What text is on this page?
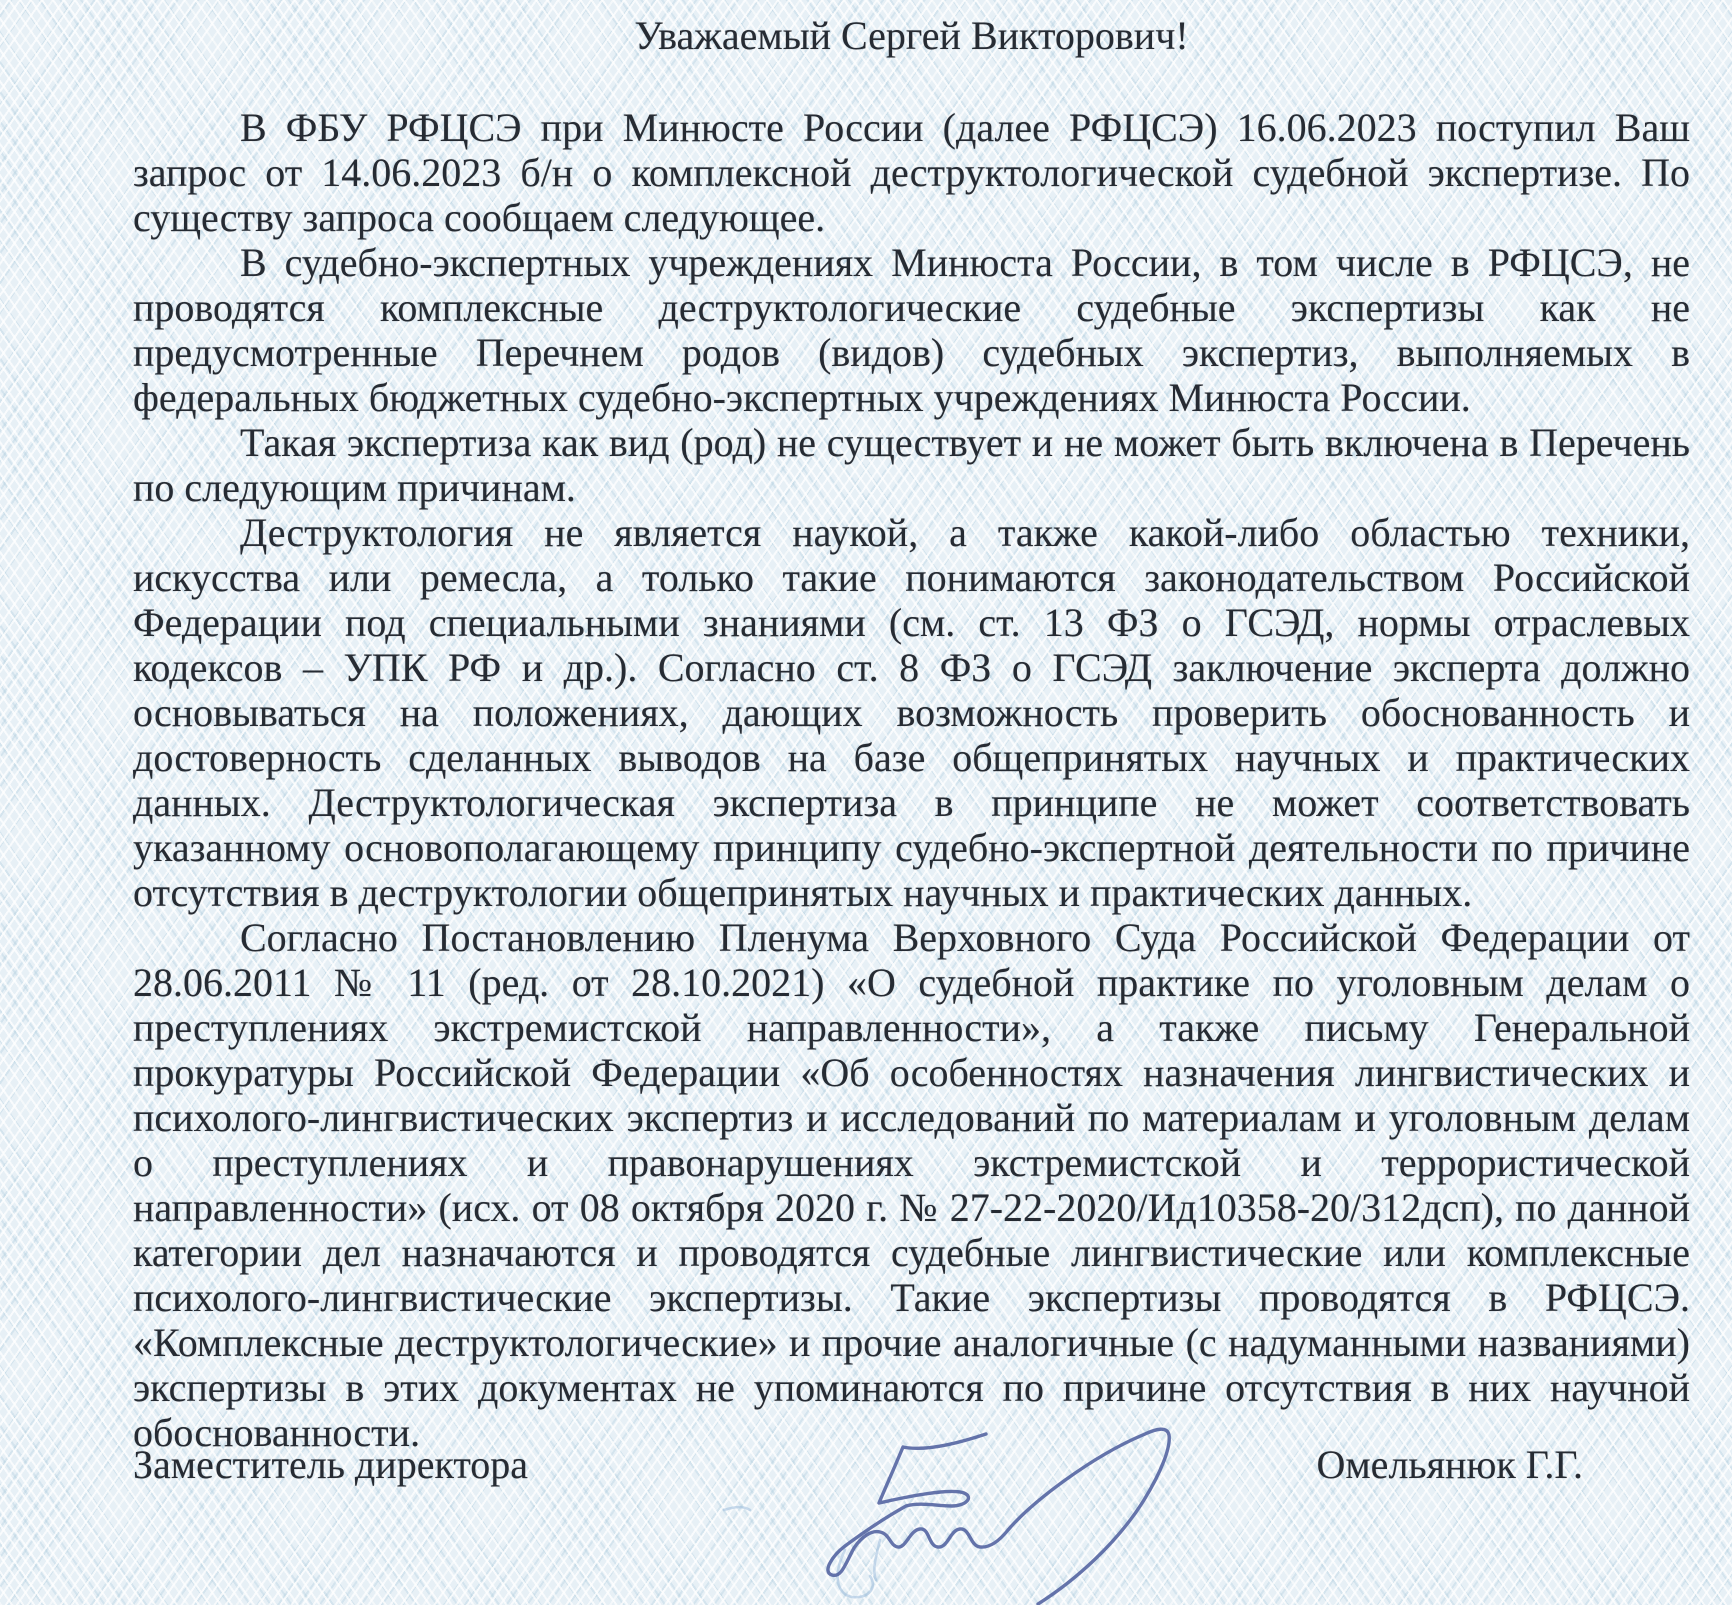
Уважаемый Сергей Викторович!

В ФБУ РФЦСЭ при Минюсте России (далее РФЦСЭ) 16.06.2023 поступил Ваш запрос от 14.06.2023 б/н о комплексной деструктологической судебной экспертизе. По существу запроса сообщаем следующее.

В судебно-экспертных учреждениях Минюста России, в том числе в РФЦСЭ, не проводятся комплексные деструктологические судебные экспертизы как не предусмотренные Перечнем родов (видов) судебных экспертиз, выполняемых в федеральных бюджетных судебно-экспертных учреждениях Минюста России.

Такая экспертиза как вид (род) не существует и не может быть включена в Перечень по следующим причинам.

Деструктология не является наукой, а также какой-либо областью техники, искусства или ремесла, а только такие понимаются законодательством Российской Федерации под специальными знаниями (см. ст. 13 ФЗ о ГСЭД, нормы отраслевых кодексов – УПК РФ и др.). Согласно ст. 8 ФЗ о ГСЭД заключение эксперта должно основываться на положениях, дающих возможность проверить обоснованность и достоверность сделанных выводов на базе общепринятых научных и практических данных. Деструктологическая экспертиза в принципе не может соответствовать указанному основополагающему принципу судебно-экспертной деятельности по причине отсутствия в деструктологии общепринятых научных и практических данных.

Согласно Постановлению Пленума Верховного Суда Российской Федерации от 28.06.2011 № 11 (ред. от 28.10.2021) «О судебной практике по уголовным делам о преступлениях экстремистской направленности», а также письму Генеральной прокуратуры Российской Федерации «Об особенностях назначения лингвистических и психолого-лингвистических экспертиз и исследований по материалам и уголовным делам о преступлениях и правонарушениях экстремистской и террористической направленности» (исх. от 08 октября 2020 г. № 27-22-2020/Ид10358-20/312дсп), по данной категории дел назначаются и проводятся судебные лингвистические или комплексные психолого-лингвистические экспертизы. Такие экспертизы проводятся в РФЦСЭ. «Комплексные деструктологические» и прочие аналогичные (с надуманными названиями) экспертизы в этих документах не упоминаются по причине отсутствия в них научной обоснованности.

Заместитель директора	Омельянюк Г.Г.
